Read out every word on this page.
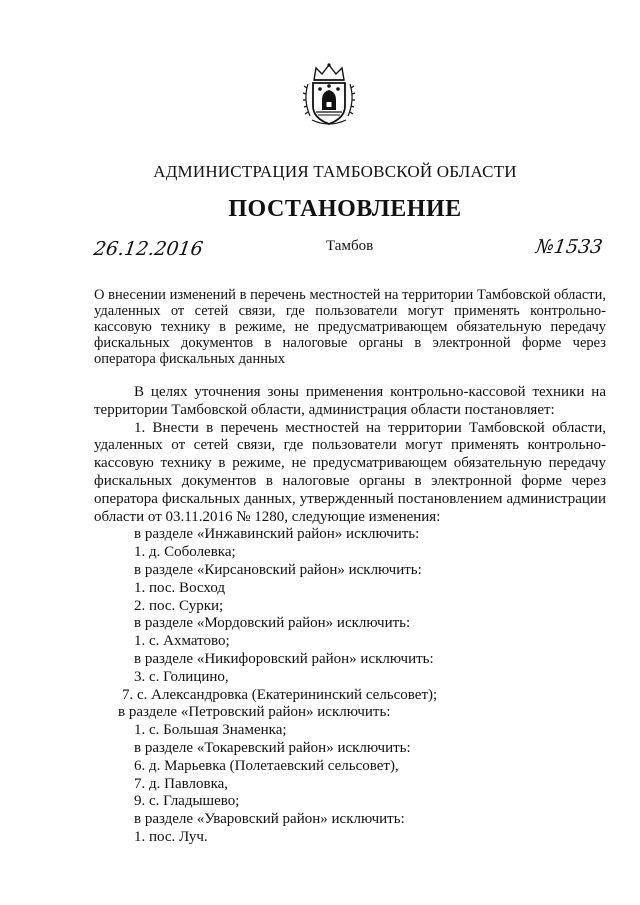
АДМИНИСТРАЦИЯ ТАМБОВСКОЙ ОБЛАСТИ
ПОСТАНОВЛЕНИЕ
26.12.2016	Тамбов	№1533
О внесении изменений в перечень местностей на территории Тамбовской области, удаленных от сетей связи, где пользователи могут применять контрольно-кассовую технику в режиме, не предусматривающем обязательную передачу фискальных документов в налоговые органы в электронной форме через оператора фискальных данных

В целях уточнения зоны применения контрольно-кассовой техники на территории Тамбовской области, администрация области постановляет:

1. Внести в перечень местностей на территории Тамбовской области, удаленных от сетей связи, где пользователи могут применять контрольно-кассовую технику в режиме, не предусматривающем обязательную передачу фискальных документов в налоговые органы в электронной форме через оператора фискальных данных, утвержденный постановлением администрации области от 03.11.2016 № 1280, следующие изменения:

в разделе «Инжавинский район» исключить:

1. д. Соболевка;

в разделе «Кирсановский район» исключить:

1. пос. Восход

2. пос. Сурки;

в разделе «Мордовский район» исключить:

1. с. Ахматово;

в разделе «Никифоровский район» исключить:

3. с. Голицино,

7. с. Александровка (Екатерининский сельсовет);

в разделе «Петровский район» исключить:

1. с. Большая Знаменка;

в разделе «Токаревский район» исключить:

6. д. Марьевка (Полетаевский сельсовет),

7. д. Павловка,

9. с. Гладышево;

в разделе «Уваровский район» исключить:

1. пос. Луч.
